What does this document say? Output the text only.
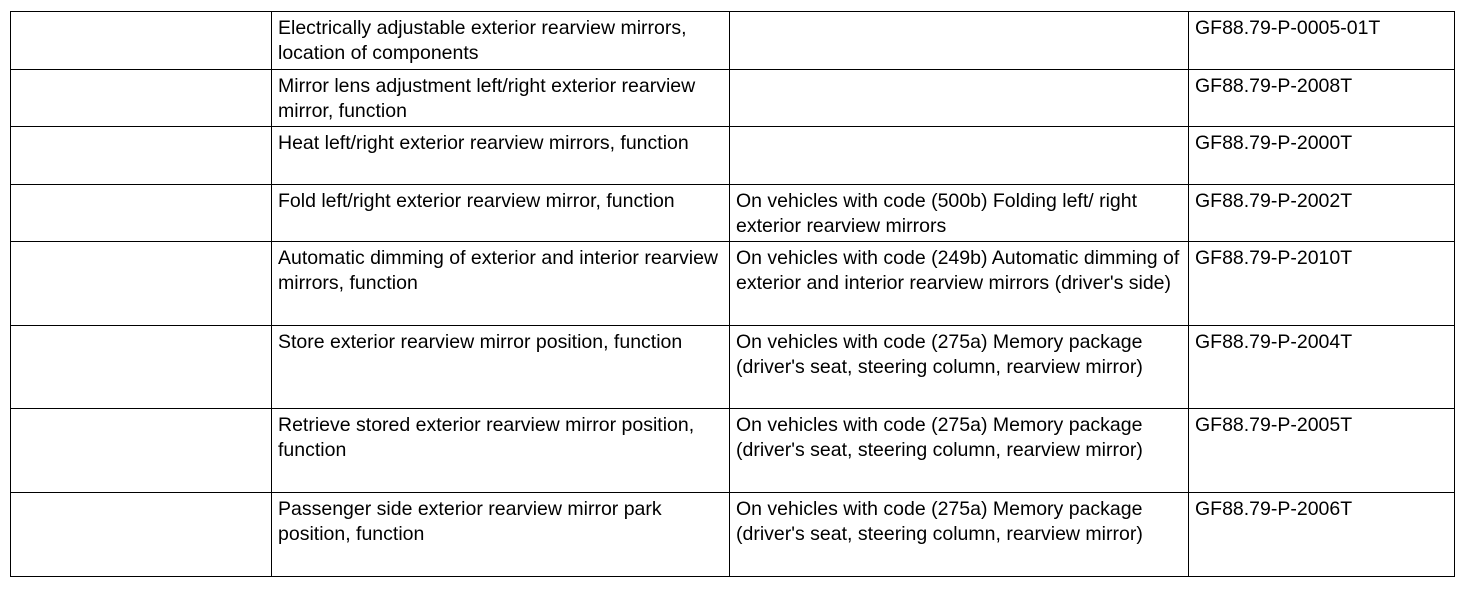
	Electrically adjustable exterior rearview mirrors, location of components		GF88.79-P-0005-01T
	Mirror lens adjustment left/right exterior rearview mirror, function		GF88.79-P-2008T
	Heat left/right exterior rearview mirrors, function		GF88.79-P-2000T
	Fold left/right exterior rearview mirror, function	On vehicles with code (500b) Folding left/ right exterior rearview mirrors	GF88.79-P-2002T
	Automatic dimming of exterior and interior rearview mirrors, function	On vehicles with code (249b) Automatic dimming of exterior and interior rearview mirrors (driver's side)	GF88.79-P-2010T
	Store exterior rearview mirror position, function	On vehicles with code (275a) Memory package (driver's seat, steering column, rearview mirror)	GF88.79-P-2004T
	Retrieve stored exterior rearview mirror position, function	On vehicles with code (275a) Memory package (driver's seat, steering column, rearview mirror)	GF88.79-P-2005T
	Passenger side exterior rearview mirror park position, function	On vehicles with code (275a) Memory package (driver's seat, steering column, rearview mirror)	GF88.79-P-2006T
